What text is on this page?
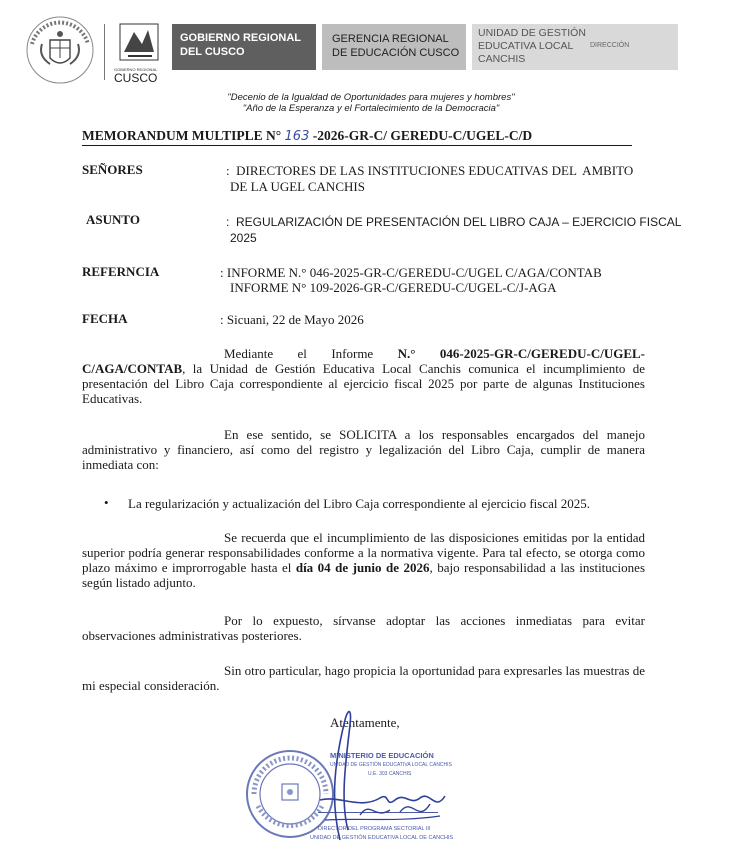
GOBIERNO REGIONAL
CUSCO
GOBIERNO REGIONAL
DEL CUSCO
GERENCIA REGIONAL
DE EDUCACIÓN CUSCO
UNIDAD DE GESTIÓN
EDUCATIVA LOCAL
CANCHIS
DIRECCIÓN
"Decenio de la Igualdad de Oportunidades para mujeres y hombres"
"Año de la Esperanza y el Fortalecimiento de la Democracia"
MEMORANDUM MULTIPLE N° 163 -2026-GR-C/ GEREDU-C/UGEL-C/D
SEÑORES	:  DIRECTORES DE LAS INSTITUCIONES EDUCATIVAS DEL  AMBITO
DE LA UGEL CANCHIS
ASUNTO	:  REGULARIZACIÓN DE PRESENTACIÓN DEL LIBRO CAJA – EJERCICIO FISCAL
2025
REFERNCIA	: INFORME N.° 046-2025-GR-C/GEREDU-C/UGEL C/AGA/CONTAB
INFORME N° 109-2026-GR-C/GEREDU-C/UGEL-C/J-AGA
FECHA	: Sicuani, 22 de Mayo 2026
Mediante el Informe N.° 046-2025-GR-C/GEREDU-C/UGEL-C/AGA/CONTAB, la Unidad de Gestión Educativa Local Canchis comunica el incumplimiento de presentación del Libro Caja correspondiente al ejercicio fiscal 2025 por parte de algunas Instituciones Educativas.
En ese sentido, se SOLICITA a los responsables encargados del manejo administrativo y financiero, así como del registro y legalización del Libro Caja, cumplir de manera inmediata con:
• La regularización y actualización del Libro Caja correspondiente al ejercicio fiscal 2025.
Se recuerda que el incumplimiento de las disposiciones emitidas por la entidad superior podría generar responsabilidades conforme a la normativa vigente. Para tal efecto, se otorga como plazo máximo e improrrogable hasta el día 04 de junio de 2026, bajo responsabilidad a las instituciones según listado adjunto.
Por lo expuesto, sírvanse adoptar las acciones inmediatas para evitar observaciones administrativas posteriores.
Sin otro particular, hago propicia la oportunidad para expresarles las muestras de mi especial consideración.
Atentamente,
MINISTERIO DE EDUCACIÓN
UNIDAD DE GESTIÓN EDUCATIVA LOCAL CANCHIS
U.E. 303 CANCHIS
DIRECTOR DEL PROGRAMA SECTORIAL III
UNIDAD DE GESTIÓN EDUCATIVA LOCAL DE CANCHIS
